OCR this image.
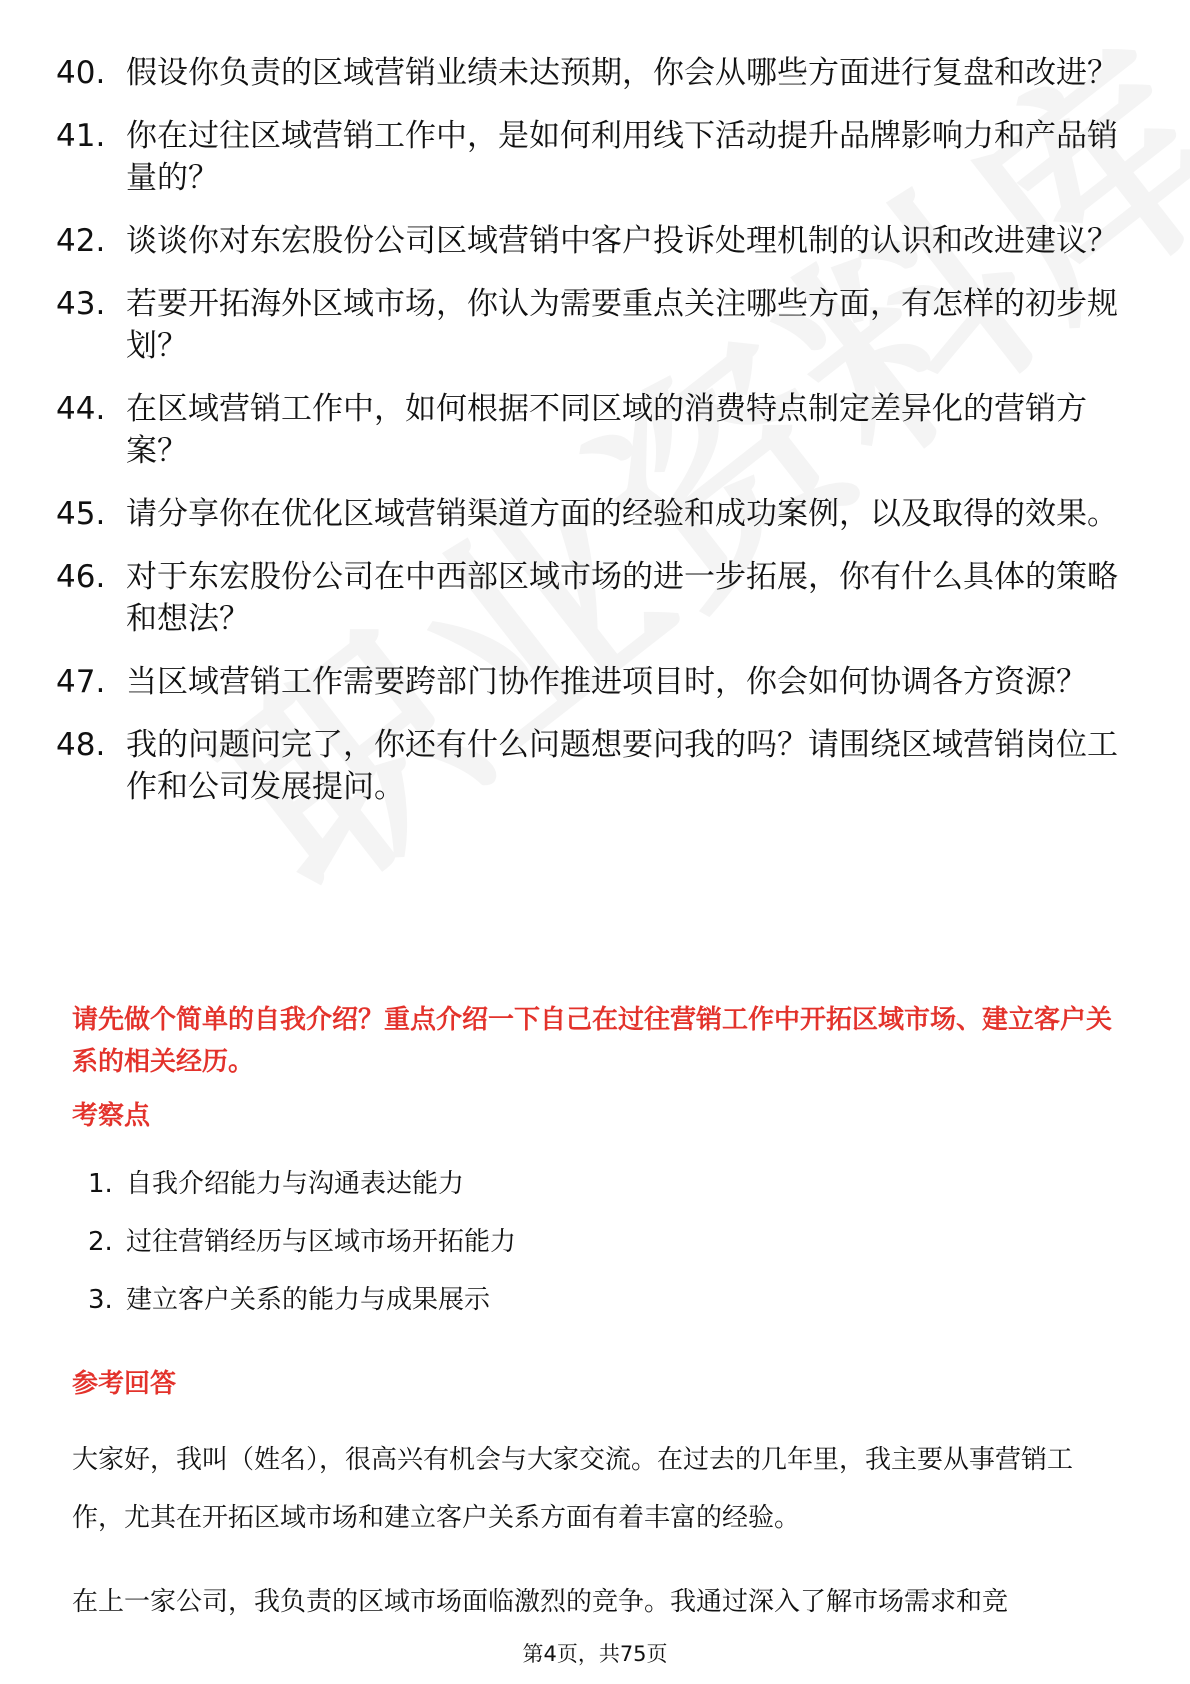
40. 假设你负责的区域营销业绩未达预期，你会从哪些方面进行复盘和改进？
41. 你在过往区域营销工作中，是如何利用线下活动提升品牌影响力和产品销量的？
42. 谈谈你对东宏股份公司区域营销中客户投诉处理机制的认识和改进建议？
43. 若要开拓海外区域市场，你认为需要重点关注哪些方面，有怎样的初步规划？
44. 在区域营销工作中，如何根据不同区域的消费特点制定差异化的营销方案？
45. 请分享你在优化区域营销渠道方面的经验和成功案例，以及取得的效果。
46. 对于东宏股份公司在中西部区域市场的进一步拓展，你有什么具体的策略和想法？
47. 当区域营销工作需要跨部门协作推进项目时，你会如何协调各方资源？
48. 我的问题问完了，你还有什么问题想要问我的吗？请围绕区域营销岗位工作和公司发展提问。
请先做个简单的自我介绍？重点介绍一下自己在过往营销工作中开拓区域市场、建立客户关系的相关经历。
考察点
1. 自我介绍能力与沟通表达能力
2. 过往营销经历与区域市场开拓能力
3. 建立客户关系的能力与成果展示
参考回答

大家好，我叫（姓名），很高兴有机会与大家交流。在过去的几年里，我主要从事营销工作，尤其在开拓区域市场和建立客户关系方面有着丰富的经验。

在上一家公司，我负责的区域市场面临激烈的竞争。我通过深入了解市场需求和竞

第4页，共75页
